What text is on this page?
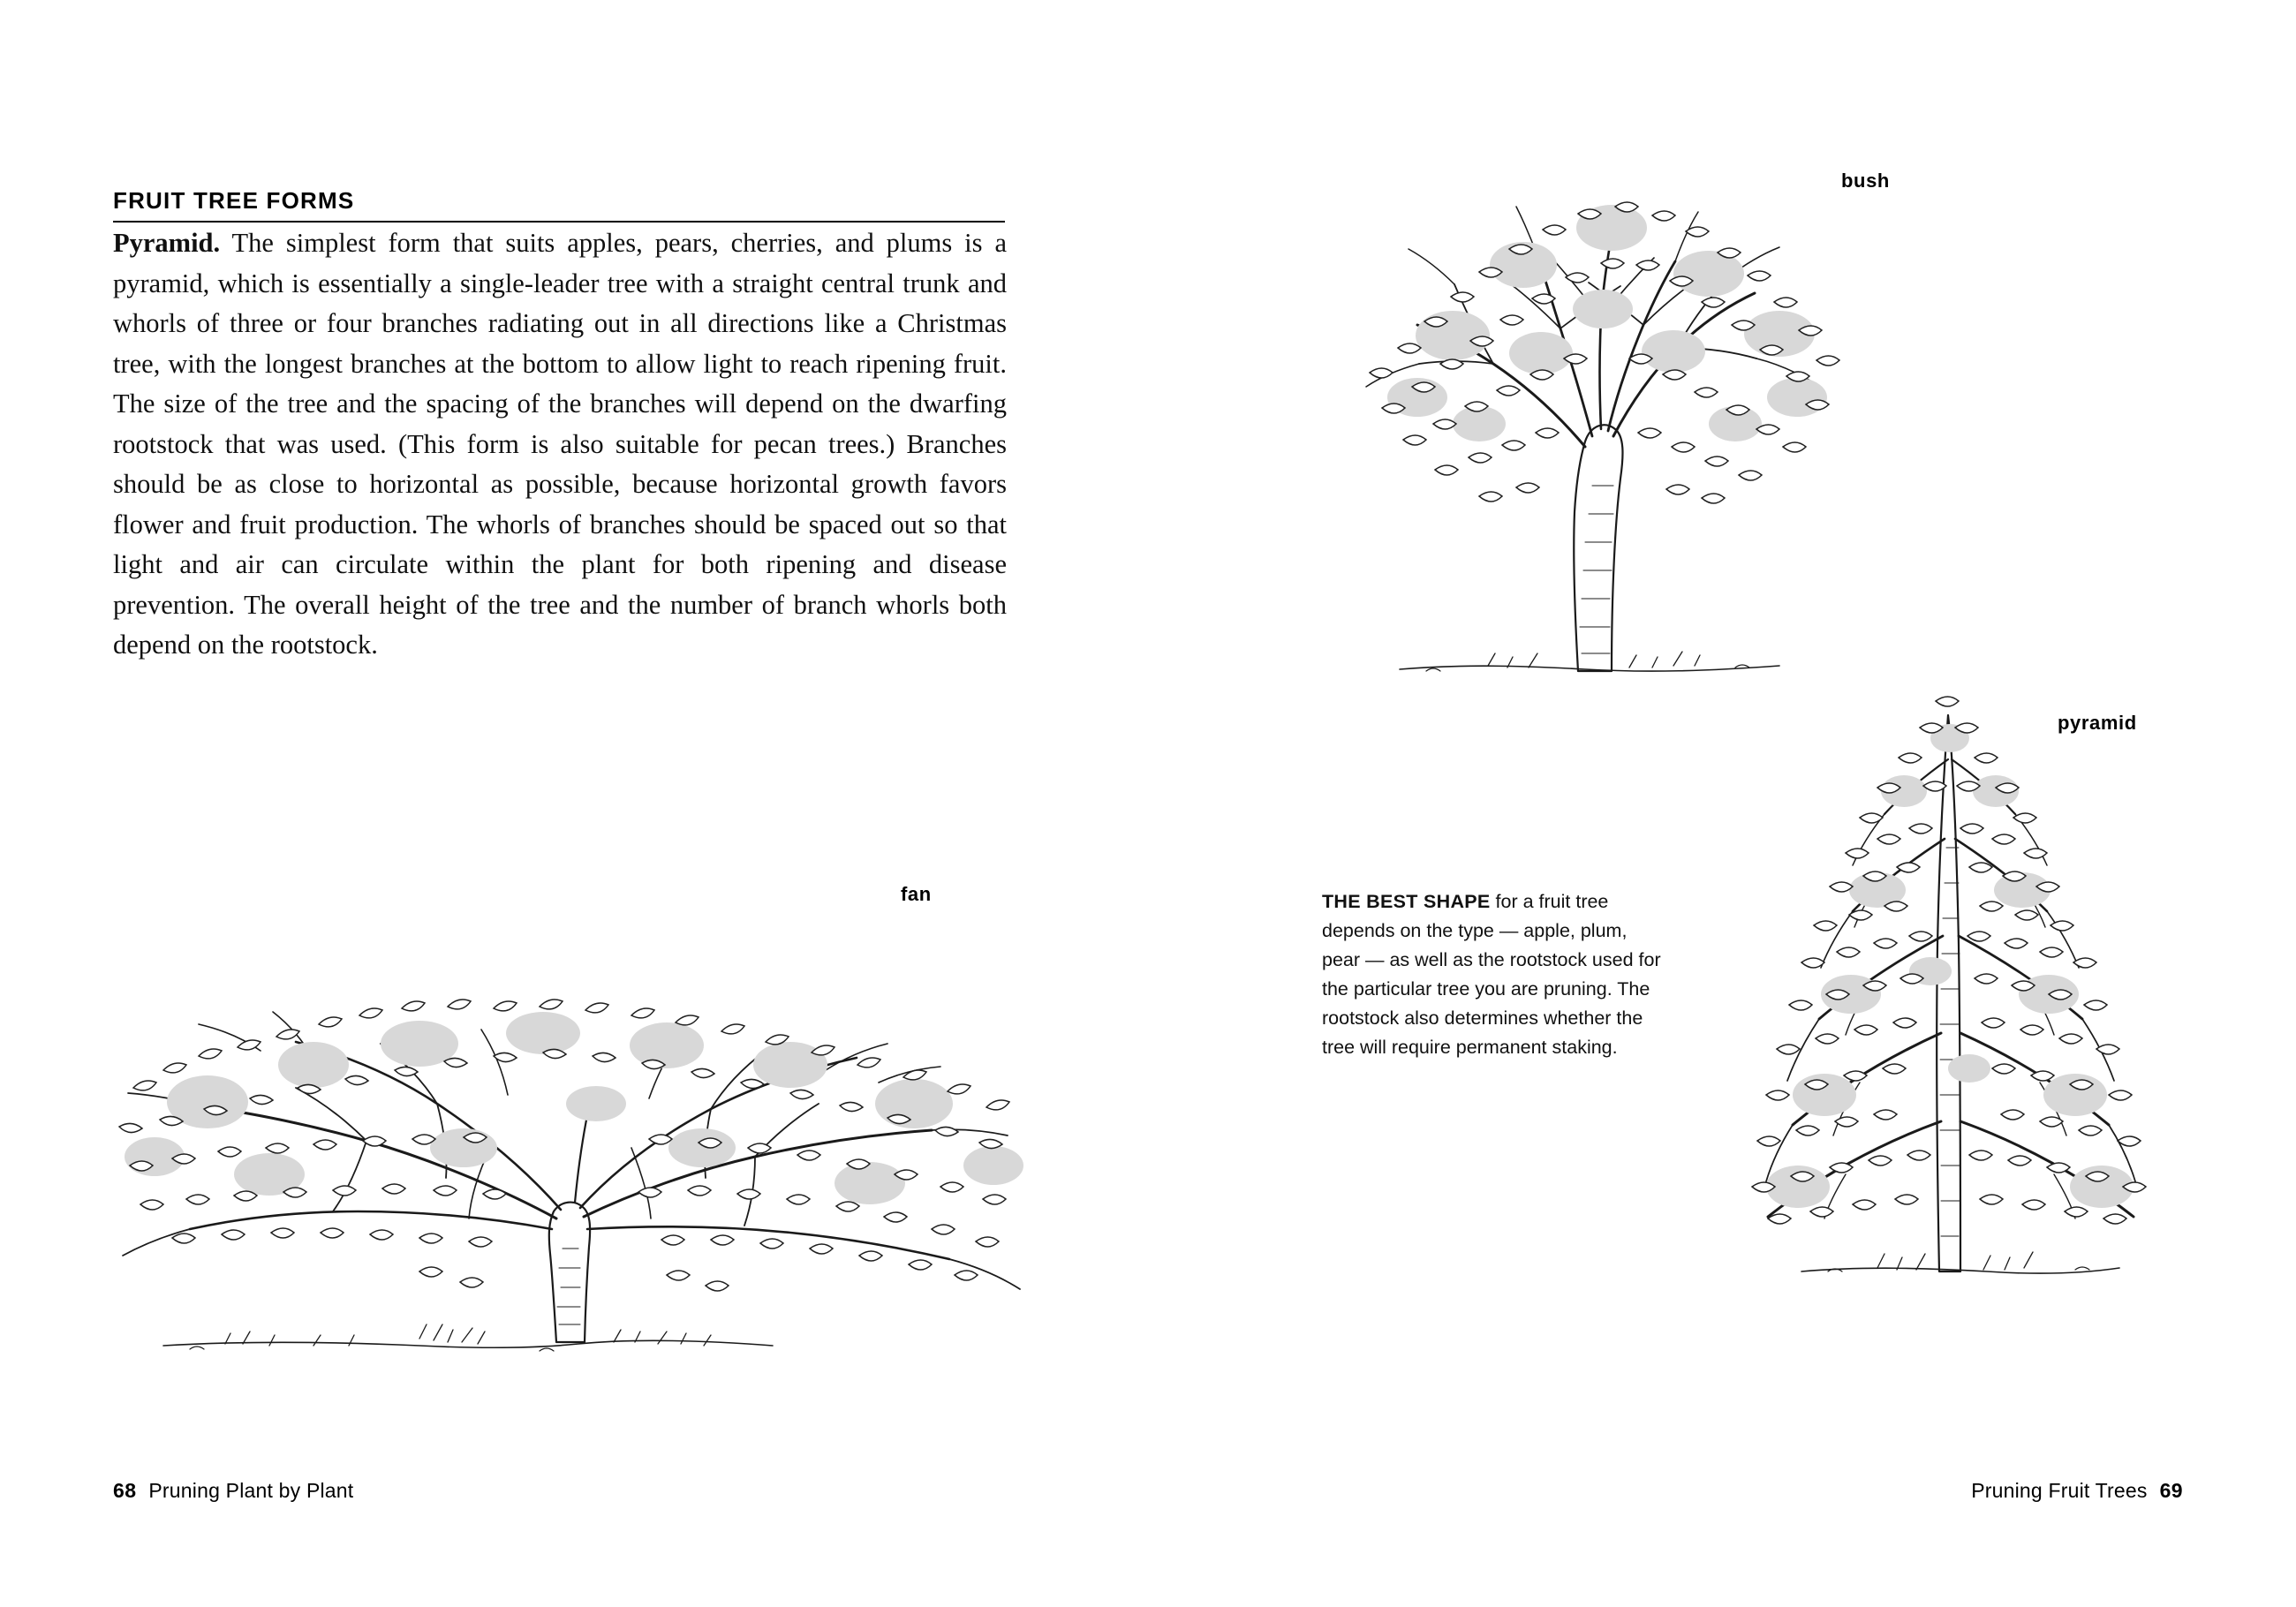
FRUIT TREE FORMS
Pyramid. The simplest form that suits apples, pears, cherries, and plums is a pyramid, which is essentially a single-leader tree with a straight central trunk and whorls of three or four branches radiating out in all directions like a Christmas tree, with the longest branches at the bottom to allow light to reach ripening fruit. The size of the tree and the spacing of the branches will depend on the dwarfing rootstock that was used. (This form is also suitable for pecan trees.) Branches should be as close to horizontal as possible, because horizontal growth favors flower and fruit production. The whorls of branches should be spaced out so that light and air can circulate within the plant for both ripening and disease prevention. The overall height of the tree and the number of branch whorls both depend on the rootstock.
fan
68 Pruning Plant by Plant
bush
pyramid
THE BEST SHAPE for a fruit tree depends on the type — apple, plum, pear — as well as the rootstock used for the particular tree you are pruning. The rootstock also determines whether the tree will require permanent staking.
Pruning Fruit Trees 69
